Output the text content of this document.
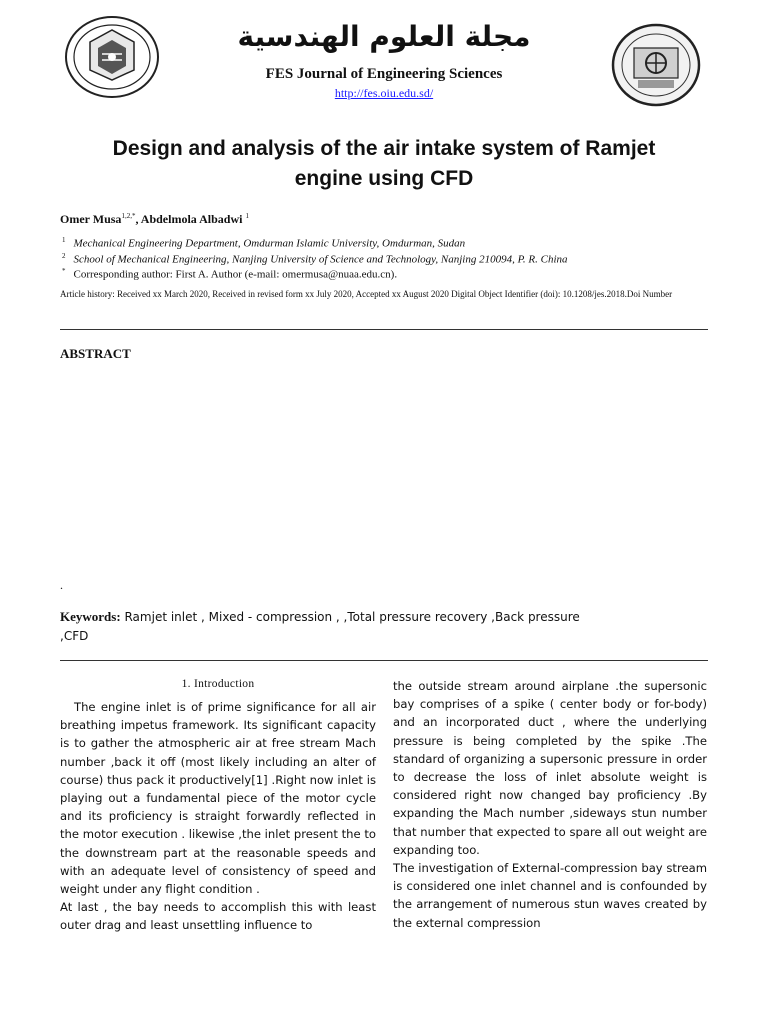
مجلة العلوم الهندسية
FES Journal of Engineering Sciences
http://fes.oiu.edu.sd/
Design and analysis of the air intake system of Ramjet
engine using CFD
Omer Musa$^{1,2,*}$, Abdelmola Albadwi $^1$
$^1$ Mechanical Engineering Department, Omdurman Islamic University, Omdurman, Sudan
$^2$ School of Mechanical Engineering, Nanjing University of Science and Technology, Nanjing 210094, P. R. China
* Corresponding author: First A. Author (e-mail: omermusa@nuaa.edu.cn).
Article history: Received xx March 2020, Received in revised form xx July 2020, Accepted xx August 2020 Digital Object Identifier (doi): 10.1208/jes.2018.Doi Number
ABSTRACT
.
Keywords: Ramjet inlet , Mixed - compression , ,Total pressure recovery ,Back pressure ,CFD
1. Introduction

The engine inlet is of prime significance for all air breathing impetus framework. Its significant capacity is to gather the atmospheric air at free stream Mach number ,back it off (most likely including an alter of course) thus pack it productively[1] .Right now inlet is playing out a fundamental piece of the motor cycle and its proficiency is straight forwardly reflected in the motor execution . likewise ,the inlet present the to the downstream part at the reasonable speeds and with an adequate level of consistency of speed and weight under any flight condition .

At last , the bay needs to accomplish this with least outer drag and least unsettling influence to

the outside stream around airplane .the supersonic bay comprises of a spike ( center body or for-body) and an incorporated duct , where the underlying pressure is being completed by the spike .The standard of organizing a supersonic pressure in order to decrease the loss of inlet absolute weight is considered right now changed bay proficiency .By expanding the Mach number ,sideways stun number that number that expected to spare all out weight are expanding too.

The investigation of External-compression bay stream is considered one inlet channel and is confounded by the arrangement of numerous stun waves created by the external compression
